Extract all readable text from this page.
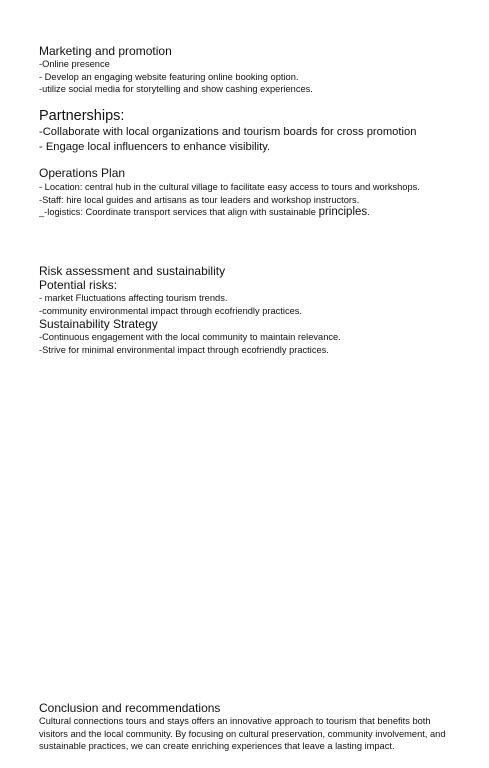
Marketing and promotion

-Online presence

- Develop an engaging website featuring online booking option.

-utilize social media for storytelling and show cashing experiences.

Partnerships:

-Collaborate with local organizations and tourism boards for cross promotion

- Engage local influencers to enhance visibility.

Operations Plan

- Location: central hub in the cultural village to facilitate easy access to tours and workshops.

-Staff: hire local guides and artisans as tour leaders and workshop instructors.

_-logistics: Coordinate transport services that align with sustainable principles.

Risk assessment and sustainability

Potential risks:

- market Fluctuations affecting tourism trends.

-community environmental impact through ecofriendly practices.

Sustainability Strategy

-Continuous engagement with the local community to maintain relevance.

-Strive for minimal environmental impact through ecofriendly practices.

Conclusion and recommendations

Cultural connections tours and stays offers an innovative approach to tourism that benefits both visitors and the local community. By focusing on cultural preservation, community involvement, and sustainable practices, we can create enriching experiences that leave a lasting impact.
